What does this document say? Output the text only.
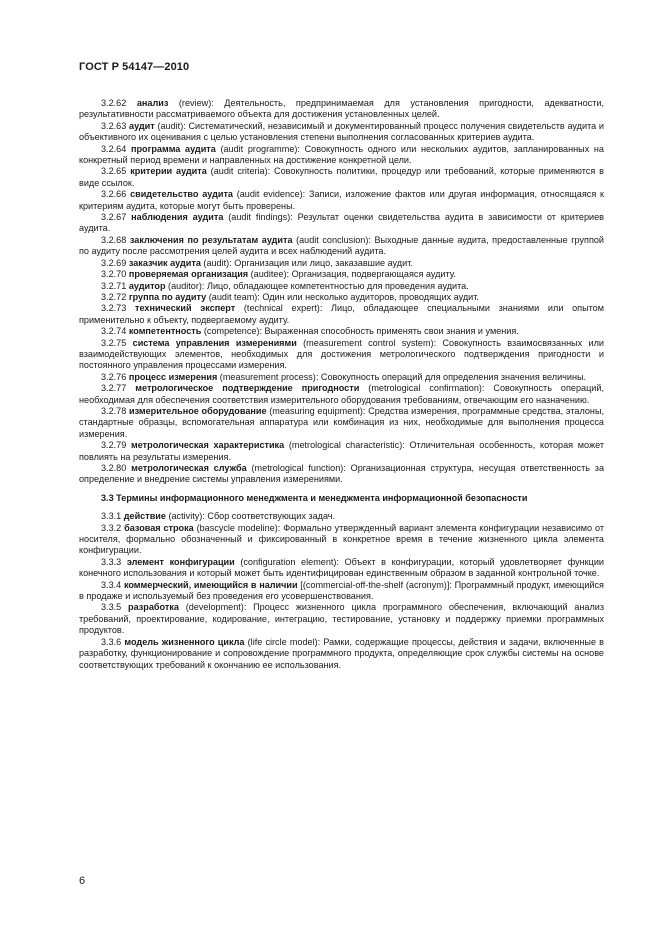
ГОСТ Р 54147—2010

3.2.62 анализ (review): Деятельность, предпринимаемая для установления пригодности, адекватности, результативности рассматриваемого объекта для достижения установленных целей.

3.2.63 аудит (audit): Систематический, независимый и документированный процесс получения свидетельств аудита и объективного их оценивания с целью установления степени выполнения согласованных критериев аудита.

3.2.64 программа аудита (audit programme): Совокупность одного или нескольких аудитов, запланированных на конкретный период времени и направленных на достижение конкретной цели.

3.2.65 критерии аудита (audit criteria): Совокупность политики, процедур или требований, которые применяются в виде ссылок.

3.2.66 свидетельство аудита (audit evidence): Записи, изложение фактов или другая информация, относящаяся к критериям аудита, которые могут быть проверены.

3.2.67 наблюдения аудита (audit findings): Результат оценки свидетельства аудита в зависимости от критериев аудита.

3.2.68 заключения по результатам аудита (audit conclusion): Выходные данные аудита, предоставленные группой по аудиту после рассмотрения целей аудита и всех наблюдений аудита.

3.2.69 заказчик аудита (audit): Организация или лицо, заказавшие аудит.

3.2.70 проверяемая организация (auditee): Организация, подвергающаяся аудиту.

3.2.71 аудитор (auditor): Лицо, обладающее компетентностью для проведения аудита.

3.2.72 группа по аудиту (audit team): Один или несколько аудиторов, проводящих аудит.

3.2.73 технический эксперт (technical expert): Лицо, обладающее специальными знаниями или опытом применительно к объекту, подвергаемому аудиту.

3.2.74 компетентность (competence): Выраженная способность применять свои знания и умения.

3.2.75 система управления измерениями (measurement control system): Совокупность взаимосвязанных или взаимодействующих элементов, необходимых для достижения метрологического подтверждения пригодности и постоянного управления процессами измерения.

3.2.76 процесс измерения (measurement process): Совокупность операций для определения значения величины.

3.2.77 метрологическое подтверждение пригодности (metrological confirmation): Совокупность операций, необходимая для обеспечения соответствия измерительного оборудования требованиям, отвечающим его назначению.

3.2.78 измерительное оборудование (measuring equipment): Средства измерения, программные средства, эталоны, стандартные образцы, вспомогательная аппаратура или комбинация из них, необходимые для выполнения процесса измерения.

3.2.79 метрологическая характеристика (metrological characteristic): Отличительная особенность, которая может повлиять на результаты измерения.

3.2.80 метрологическая служба (metrological function): Организационная структура, несущая ответственность за определение и внедрение системы управления измерениями.

3.3 Термины информационного менеджмента и менеджмента информационной безопасности

3.3.1 действие (activity): Сбор соответствующих задач.

3.3.2 базовая строка (bascycle modeline): Формально утвержденный вариант элемента конфигурации независимо от носителя, формально обозначенный и фиксированный в конкретное время в течение жизненного цикла элемента конфигурации.

3.3.3 элемент конфигурации (configuration element): Объект в конфигурации, который удовлетворяет функции конечного использования и который может быть идентифицирован единственным образом в заданной контрольной точке.

3.3.4 коммерческий, имеющийся в наличии [(commercial-off-the-shelf (acronym)]: Программный продукт, имеющийся в продаже и используемый без проведения его усовершенствования.

3.3.5 разработка (development): Процесс жизненного цикла программного обеспечения, включающий анализ требований, проектирование, кодирование, интеграцию, тестирование, установку и поддержку приемки программных продуктов.

3.3.6 модель жизненного цикла (life circle model): Рамки, содержащие процессы, действия и задачи, включенные в разработку, функционирование и сопровождение программного продукта, определяющие срок службы системы на основе соответствующих требований к окончанию ее использования.

6
